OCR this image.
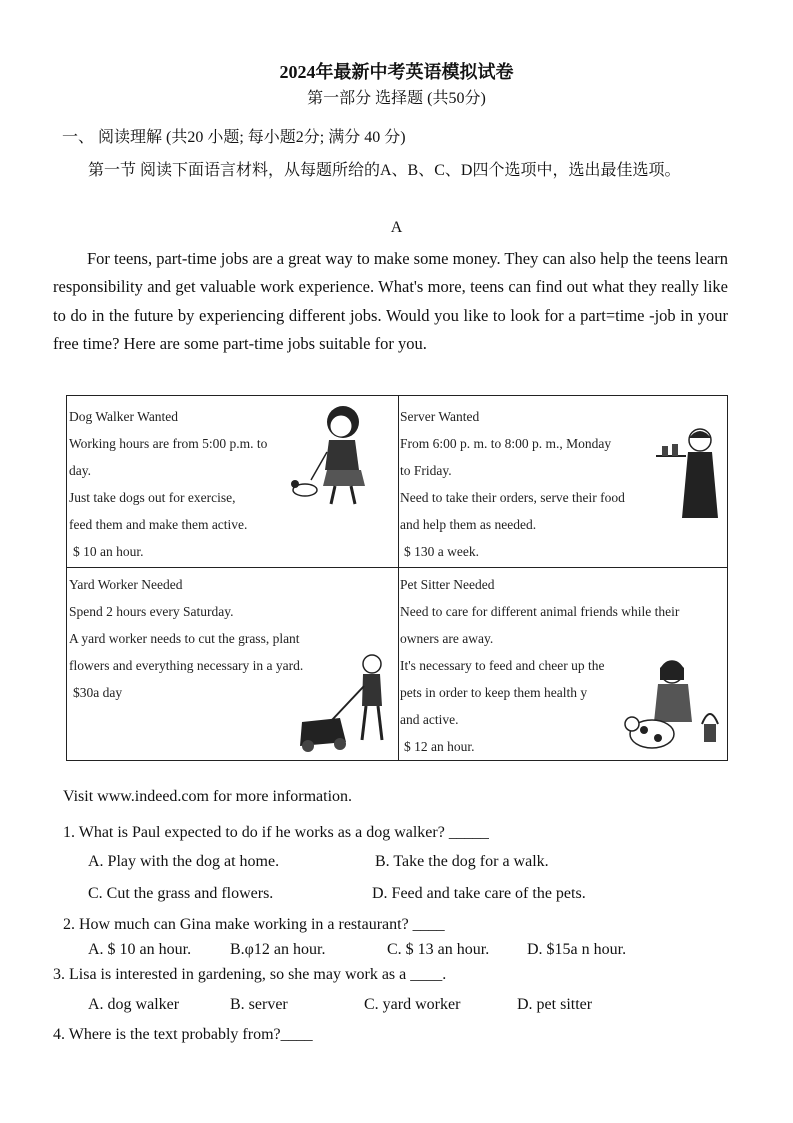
2024年最新中考英语模拟试卷
第一部分 选择题 (共50分)
一、 阅读理解 (共20 小题; 每小题2分; 满分 40 分)
第一节 阅读下面语言材料，从每题所给的A、B、C、D四个选项中，选出最佳选项。
A
For teens, part-time jobs are a great way to make some money. They can also help the teens learn responsibility and get valuable work experience. What's more, teens can find out what they really like to do in the future by experiencing different jobs. Would you like to look for a part=time -job in your free time? Here are some part-time jobs suitable for you.
Dog Walker Wanted
Working hours are from 5:00 p.m. to
day.
Just take dogs out for exercise,
feed them and make them active.
$ 10 an hour.
Server Wanted
From 6:00 p. m. to 8:00 p. m., Monday
to Friday.
Need to take their orders, serve their food
and help them as needed.
$ 130 a week.
Yard Worker Needed
Spend 2 hours every Saturday.
A yard worker needs to cut the grass, plant
flowers and everything necessary in a yard.
$30a day
Pet Sitter Needed
Need to care for different animal friends while their
owners are away.
It's necessary to feed and cheer up the
pets in order to keep them health y
and active.
$ 12 an hour.
Visit www.indeed.com for more information.
1. What is Paul expected to do if he works as a dog walker? _____
A. Play with the dog at home.	B. Take the dog for a walk.
C. Cut the grass and flowers.	D. Feed and take care of the pets.
2. How much can Gina make working in a restaurant? ____
A. $ 10 an hour. B.φ12 an hour.	C. $ 13 an hour. D. $15a n hour.
3. Lisa is interested in gardening, so she may work as a ____.
A. dog walker	B. server	C. yard worker	D. pet sitter
4. Where is the text probably from?____
